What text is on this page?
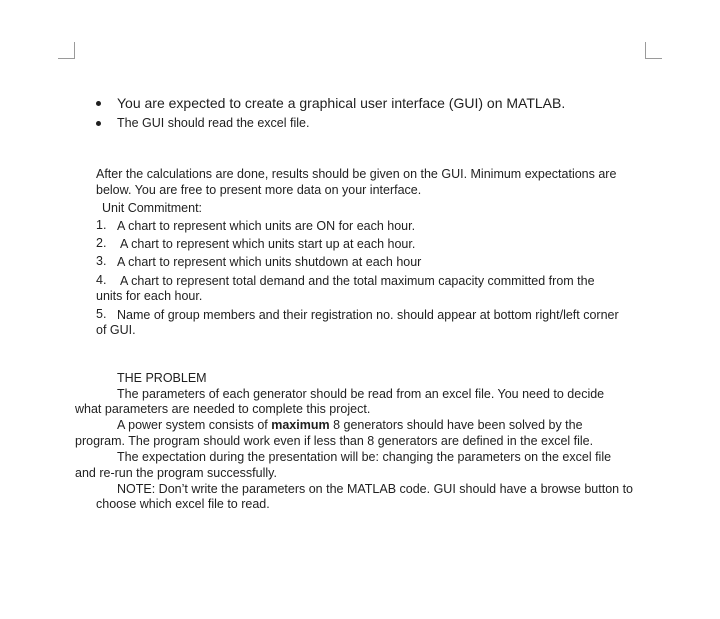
You are expected to create a graphical user interface (GUI) on MATLAB.
The GUI should read the excel file.
After the calculations are done, results should be given on the GUI. Minimum expectations are
below. You are free to present more data on your interface.
Unit Commitment:
1. A chart to represent which units are ON for each hour.
2. A chart to represent which units start up at each hour.
3. A chart to represent which units shutdown at each hour
4. A chart to represent total demand and the total maximum capacity committed from the
units for each hour.
5. Name of group members and their registration no. should appear at bottom right/left corner
of GUI.
THE PROBLEM
The parameters of each generator should be read from an excel file. You need to decide
what parameters are needed to complete this project.
A power system consists of maximum 8 generators should have been solved by the
program. The program should work even if less than 8 generators are defined in the excel file.
The expectation during the presentation will be: changing the parameters on the excel file
and re-run the program successfully.
NOTE: Don’t write the parameters on the MATLAB code. GUI should have a browse button to
choose which excel file to read.
